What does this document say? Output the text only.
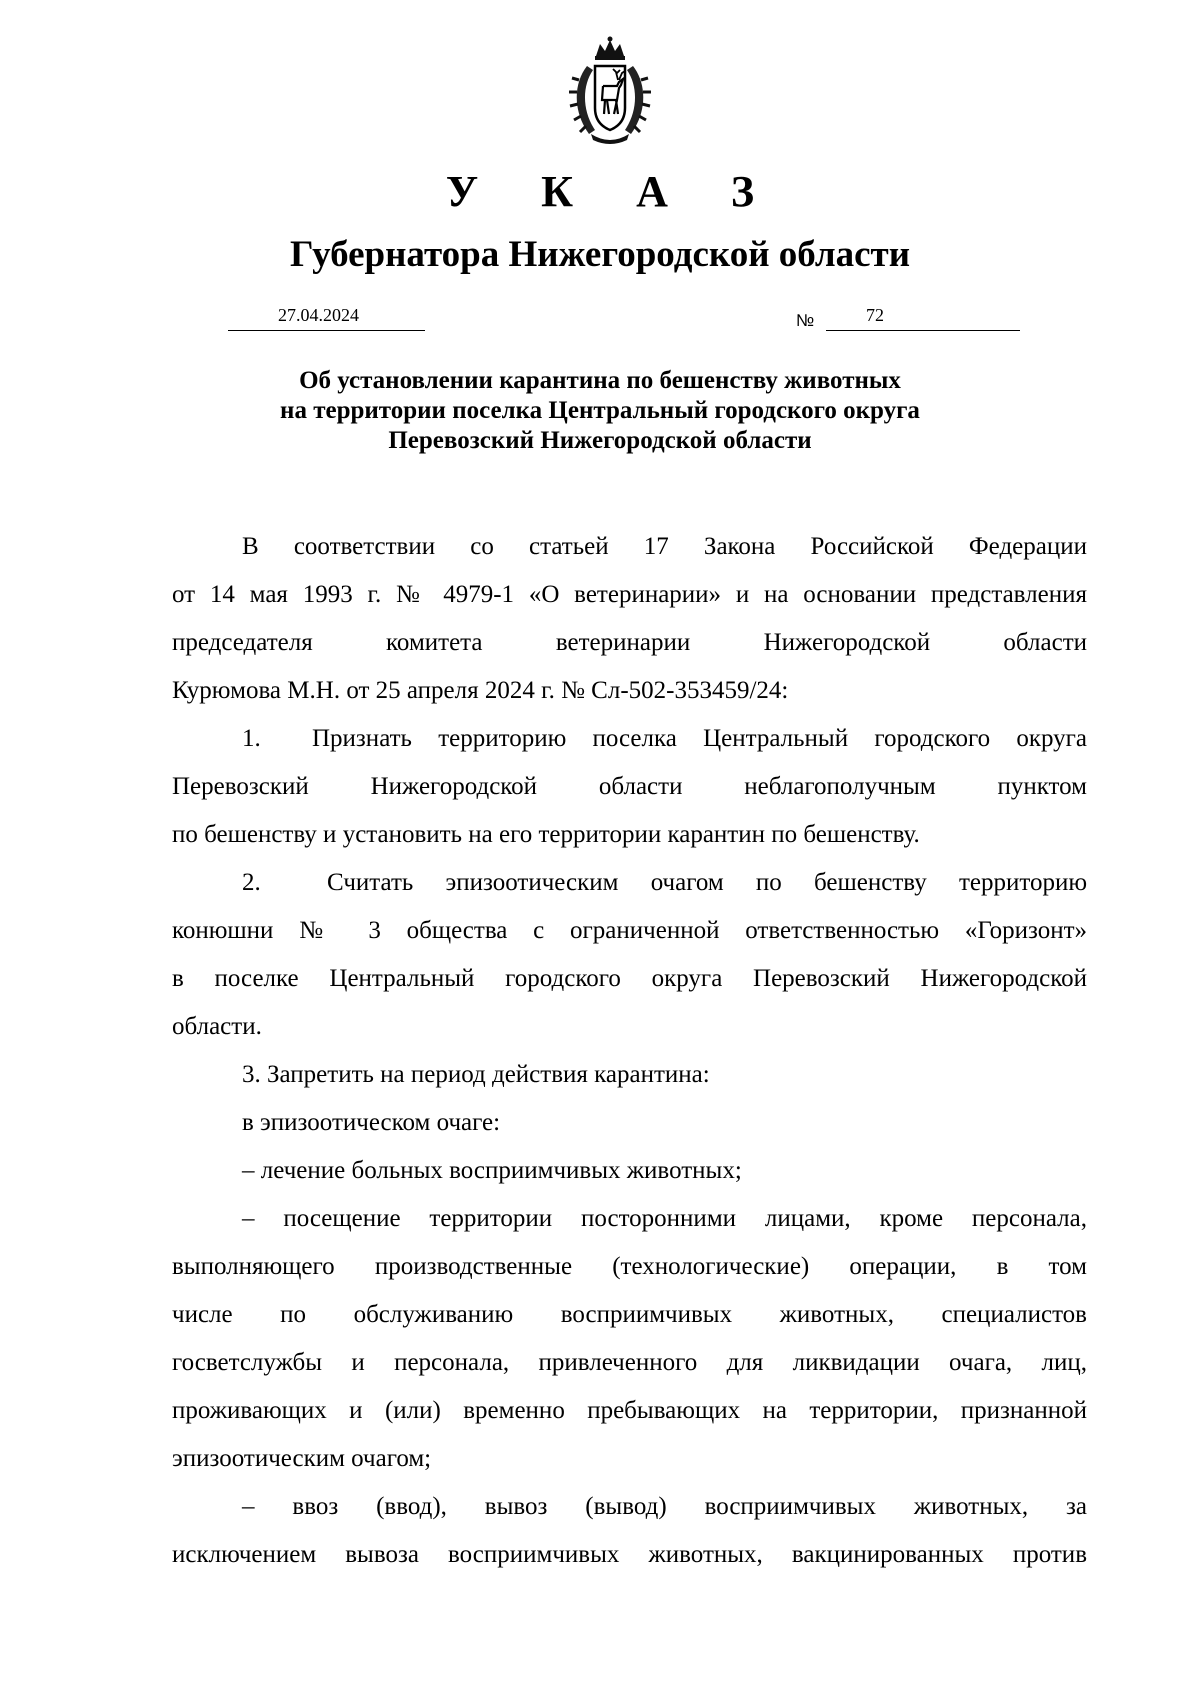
У К А З
Губернатора Нижегородской области
27.04.2024	№	72
Об установлении карантина по бешенству животных
на территории поселка Центральный городского округа
Перевозский Нижегородской области
В соответствии со статьей 17 Закона Российской Федерации
от 14 мая 1993 г. № 4979-1 «О ветеринарии» и на основании представления
председателя комитета ветеринарии Нижегородской области
Курюмова М.Н. от 25 апреля 2024 г. № Сл-502-353459/24:
1. Признать территорию поселка Центральный городского округа
Перевозский Нижегородской области неблагополучным пунктом
по бешенству и установить на его территории карантин по бешенству.
2.	Считать эпизоотическим очагом по бешенству территорию
конюшни № 3 общества с ограниченной ответственностью «Горизонт»
в поселке Центральный городского округа Перевозский Нижегородской
области.
3. Запретить на период действия карантина:
в эпизоотическом очаге:
– лечение больных восприимчивых животных;
– посещение территории посторонними лицами, кроме персонала,
выполняющего производственные (технологические) операции, в том
числе по обслуживанию восприимчивых животных, специалистов
госветслужбы и персонала, привлеченного для ликвидации очага, лиц,
проживающих и (или) временно пребывающих на территории, признанной
эпизоотическим очагом;
– ввоз (ввод), вывоз (вывод) восприимчивых животных, за
исключением вывоза восприимчивых животных, вакцинированных против
